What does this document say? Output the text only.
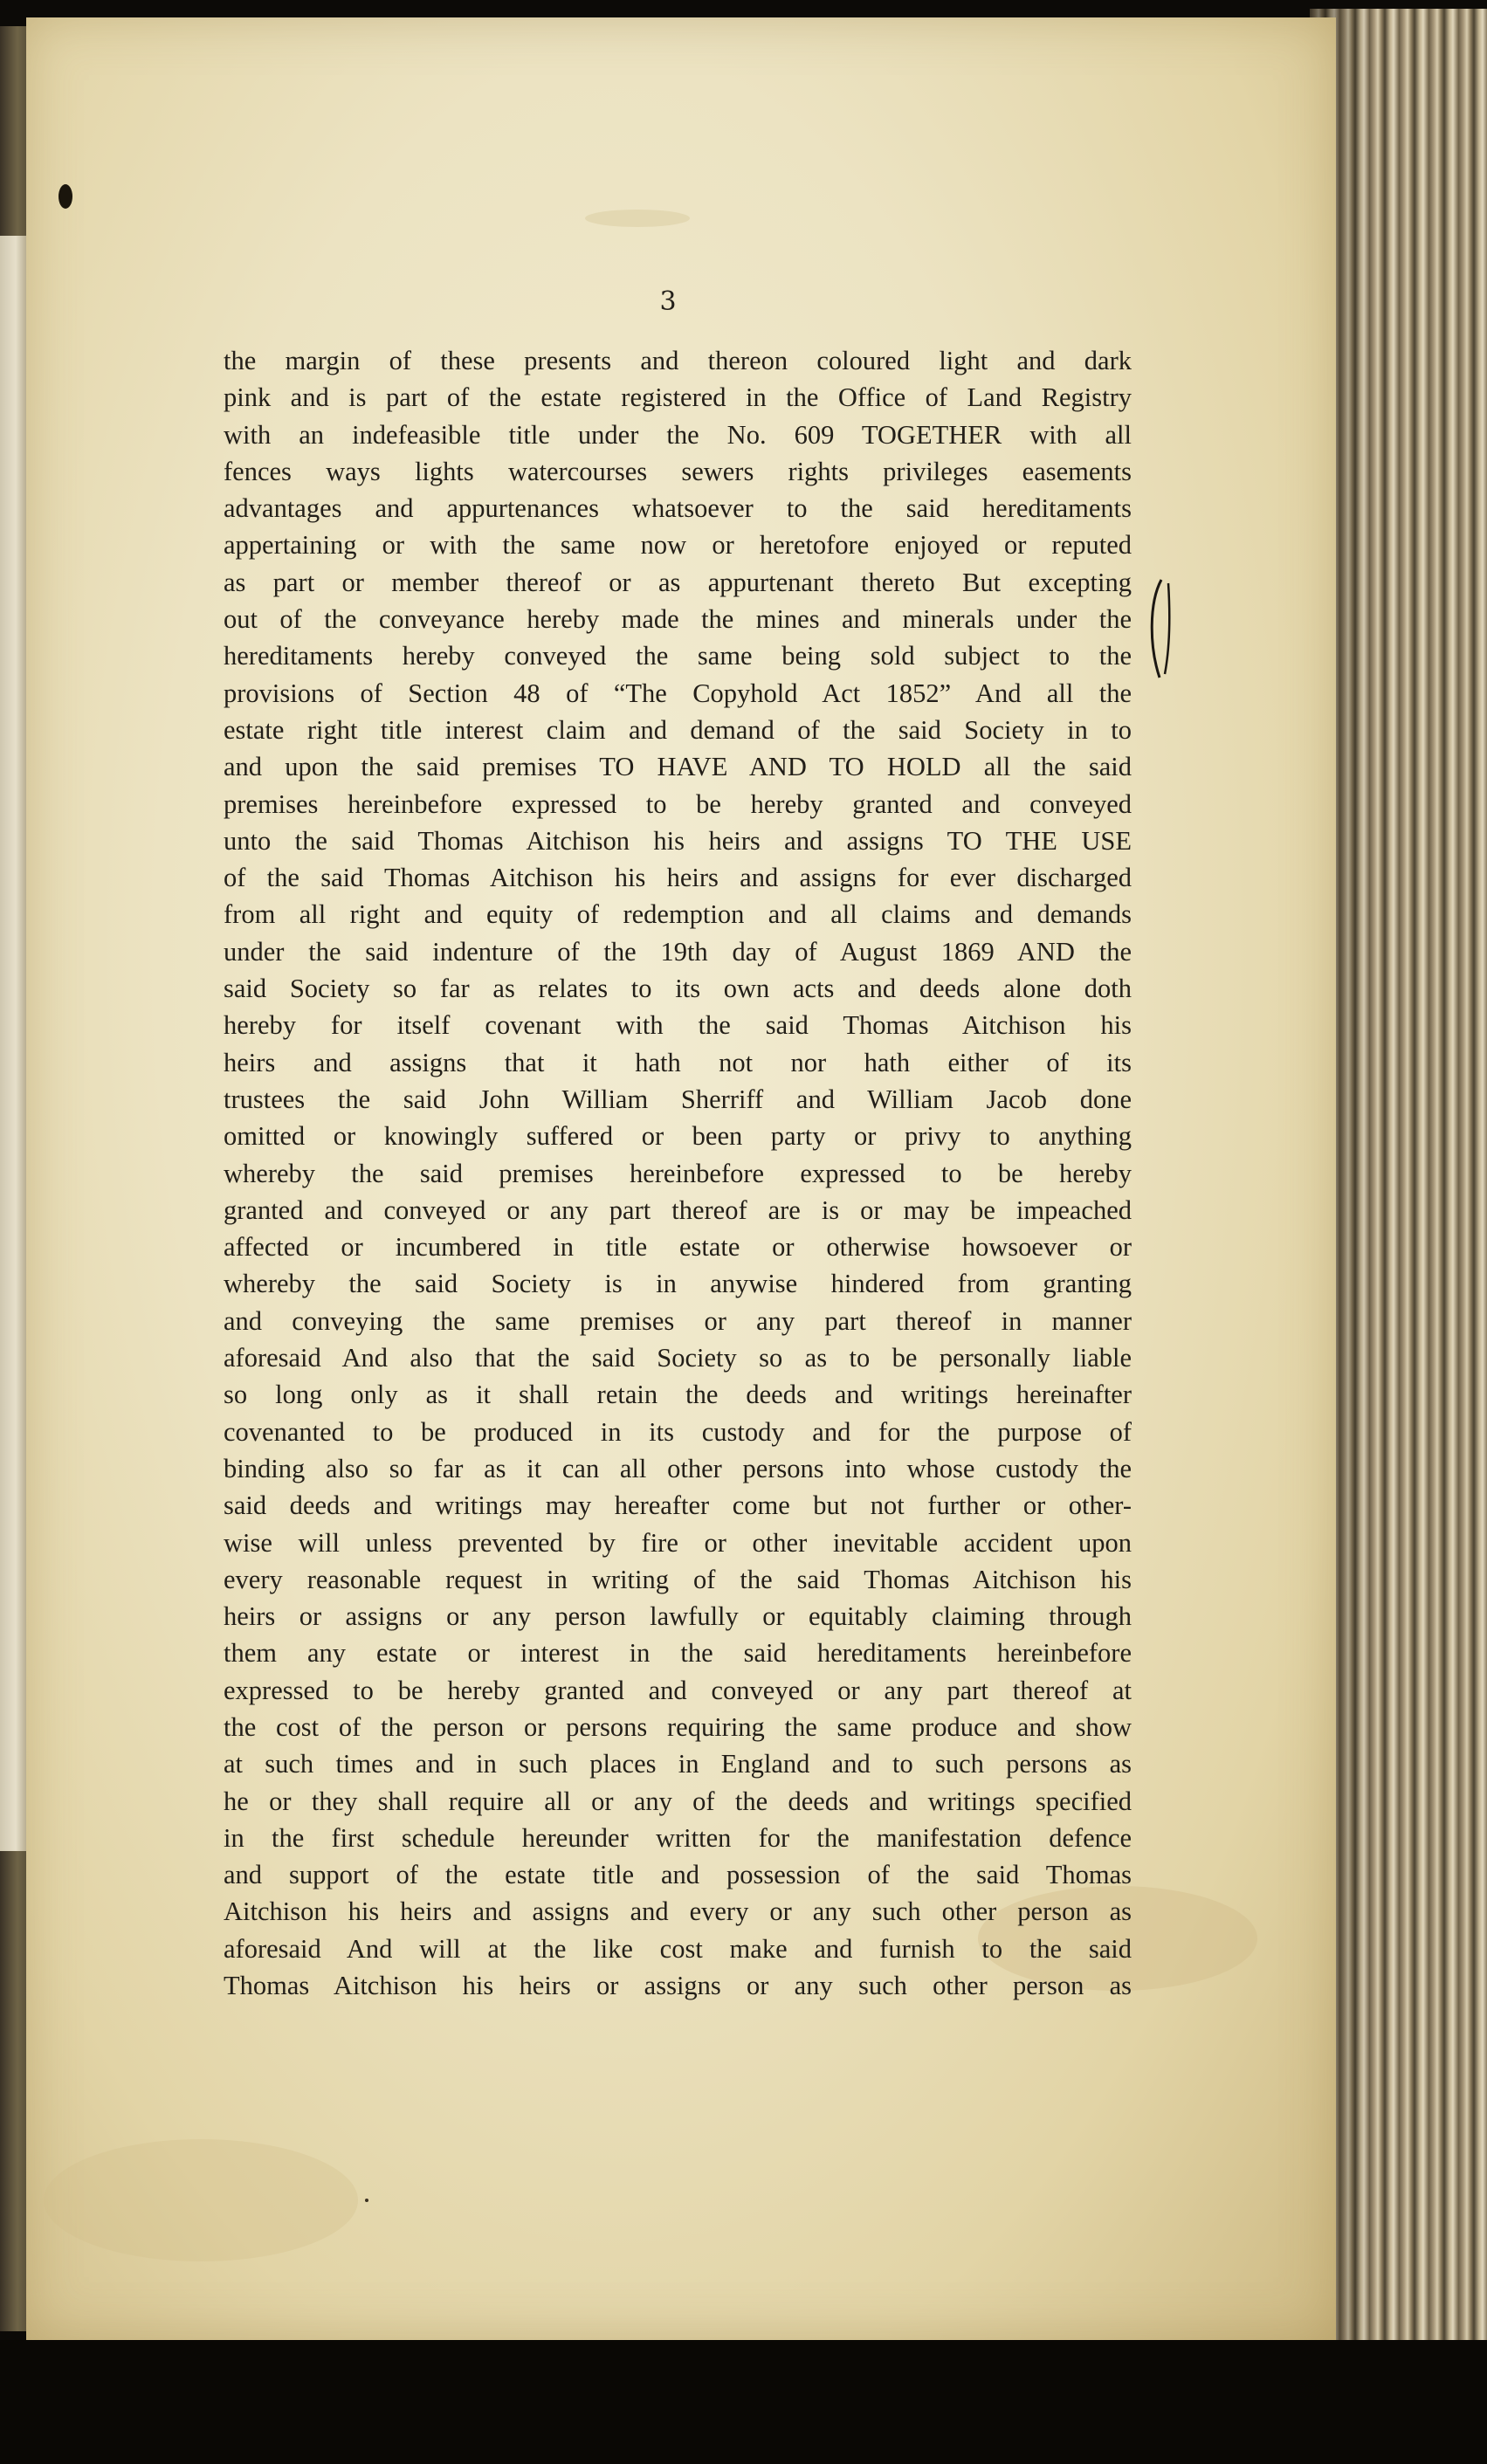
3
the margin of these presents and thereon coloured light and dark
pink and is part of the estate registered in the Office of Land Registry
with an indefeasible title under the No. 609 TOGETHER with all
fences ways lights watercourses sewers rights privileges easements
advantages and appurtenances whatsoever to the said hereditaments
appertaining or with the same now or heretofore enjoyed or reputed
as part or member thereof or as appurtenant thereto But excepting
out of the conveyance hereby made the mines and minerals under the
hereditaments hereby conveyed the same being sold subject to the
provisions of Section 48 of “The Copyhold Act 1852” And all the
estate right title interest claim and demand of the said Society in to
and upon the said premises TO HAVE AND TO HOLD all the said
premises hereinbefore expressed to be hereby granted and conveyed
unto the said Thomas Aitchison his heirs and assigns TO THE USE
of the said Thomas Aitchison his heirs and assigns for ever discharged
from all right and equity of redemption and all claims and demands
under the said indenture of the 19th day of August 1869 AND the
said Society so far as relates to its own acts and deeds alone doth
hereby for itself covenant with the said Thomas Aitchison his
heirs and assigns that it hath not nor hath either of its
trustees the said John William Sherriff and William Jacob done
omitted or knowingly suffered or been party or privy to anything
whereby the said premises hereinbefore expressed to be hereby
granted and conveyed or any part thereof are is or may be impeached
affected or incumbered in title estate or otherwise howsoever or
whereby the said Society is in anywise hindered from granting
and conveying the same premises or any part thereof in manner
aforesaid And also that the said Society so as to be personally liable
so long only as it shall retain the deeds and writings hereinafter
covenanted to be produced in its custody and for the purpose of
binding also so far as it can all other persons into whose custody the
said deeds and writings may hereafter come but not further or other-
wise will unless prevented by fire or other inevitable accident upon
every reasonable request in writing of the said Thomas Aitchison his
heirs or assigns or any person lawfully or equitably claiming through
them any estate or interest in the said hereditaments hereinbefore
expressed to be hereby granted and conveyed or any part thereof at
the cost of the person or persons requiring the same produce and show
at such times and in such places in England and to such persons as
he or they shall require all or any of the deeds and writings specified
in the first schedule hereunder written for the manifestation defence
and support of the estate title and possession of the said Thomas
Aitchison his heirs and assigns and every or any such other person as
aforesaid And will at the like cost make and furnish to the said
Thomas Aitchison his heirs or assigns or any such other person as
